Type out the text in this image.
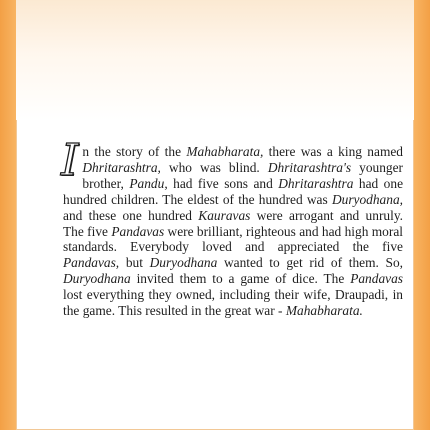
I n the story of the Mahabharata, there was a king named Dhritarashtra, who was blind. Dhritarashtra's younger brother, Pandu, had five sons and Dhritarashtra had one hundred children. The eldest of the hundred was Duryodhana, and these one hundred Kauravas were arrogant and unruly. The five Pandavas were brilliant, righteous and had high moral standards. Everybody loved and appreciated the five Pandavas, but Duryodhana wanted to get rid of them. So, Duryodhana invited them to a game of dice. The Pandavas lost everything they owned, including their wife, Draupadi, in the game. This resulted in the great war - Mahabharata.
